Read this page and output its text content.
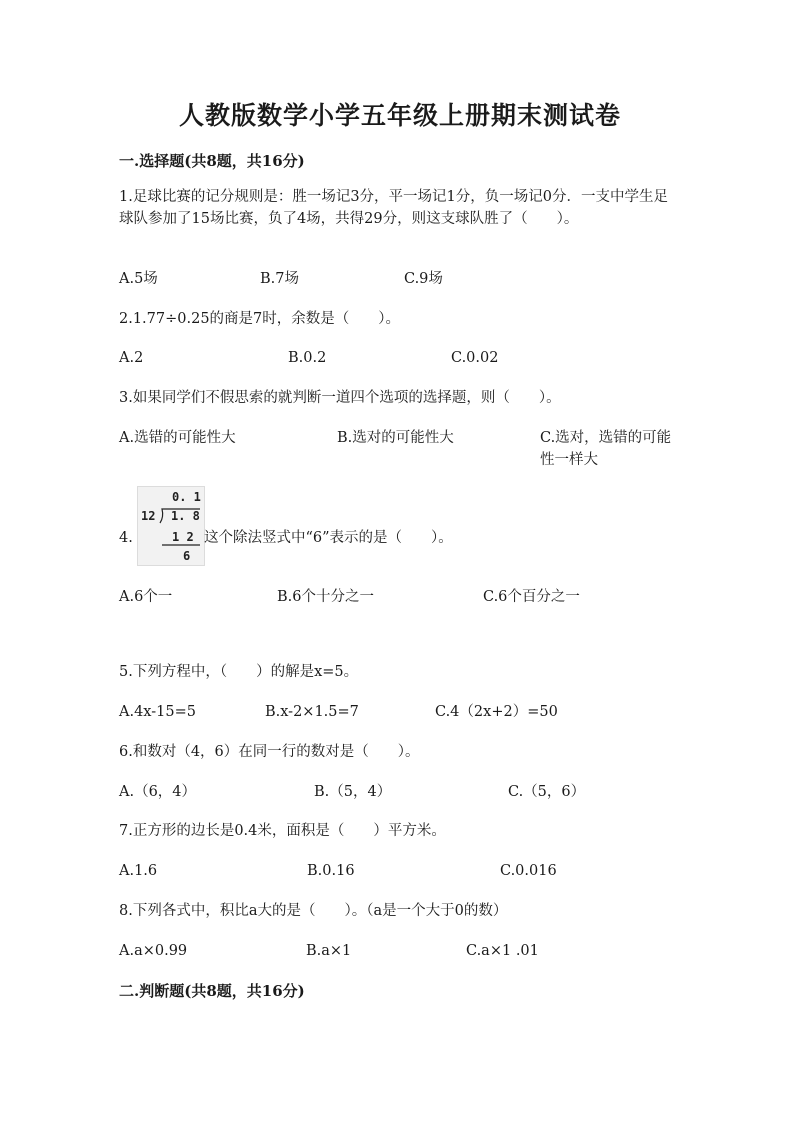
人教版数学小学五年级上册期末测试卷
一.选择题(共8题，共16分)
1.足球比赛的记分规则是：胜一场记3分，平一场记1分，负一场记0分．一支中学生足球队参加了15场比赛，负了4场，共得29分，则这支球队胜了（　　）。
A.5场	B.7场	C.9场
2.1.77÷0.25的商是7时，余数是（　　）。
A.2	B.0.2	C.0.02
3.如果同学们不假思索的就判断一道四个选项的选择题，则（　　）。
A.选错的可能性大	B.选对的可能性大	C.选对，选错的可能性一样大
4.
0. 1
12 1. 8
1 2
6
这个除法竖式中“6”表示的是（　　）。
A.6个一	B.6个十分之一	C.6个百分之一
5.下列方程中，（　　）的解是x=5。
A.4x-15=5	B.x-2×1.5=7	C.4（2x+2）=50
6.和数对（4，6）在同一行的数对是（　　）。
A.（6，4）	B.（5，4）	C.（5，6）
7.正方形的边长是0.4米，面积是（　　）平方米。
A.1.6	B.0.16	C.0.016
8.下列各式中，积比a大的是（　　）。（a是一个大于0的数）
A.a×0.99	B.a×1	C.a×1 .01
二.判断题(共8题，共16分)
